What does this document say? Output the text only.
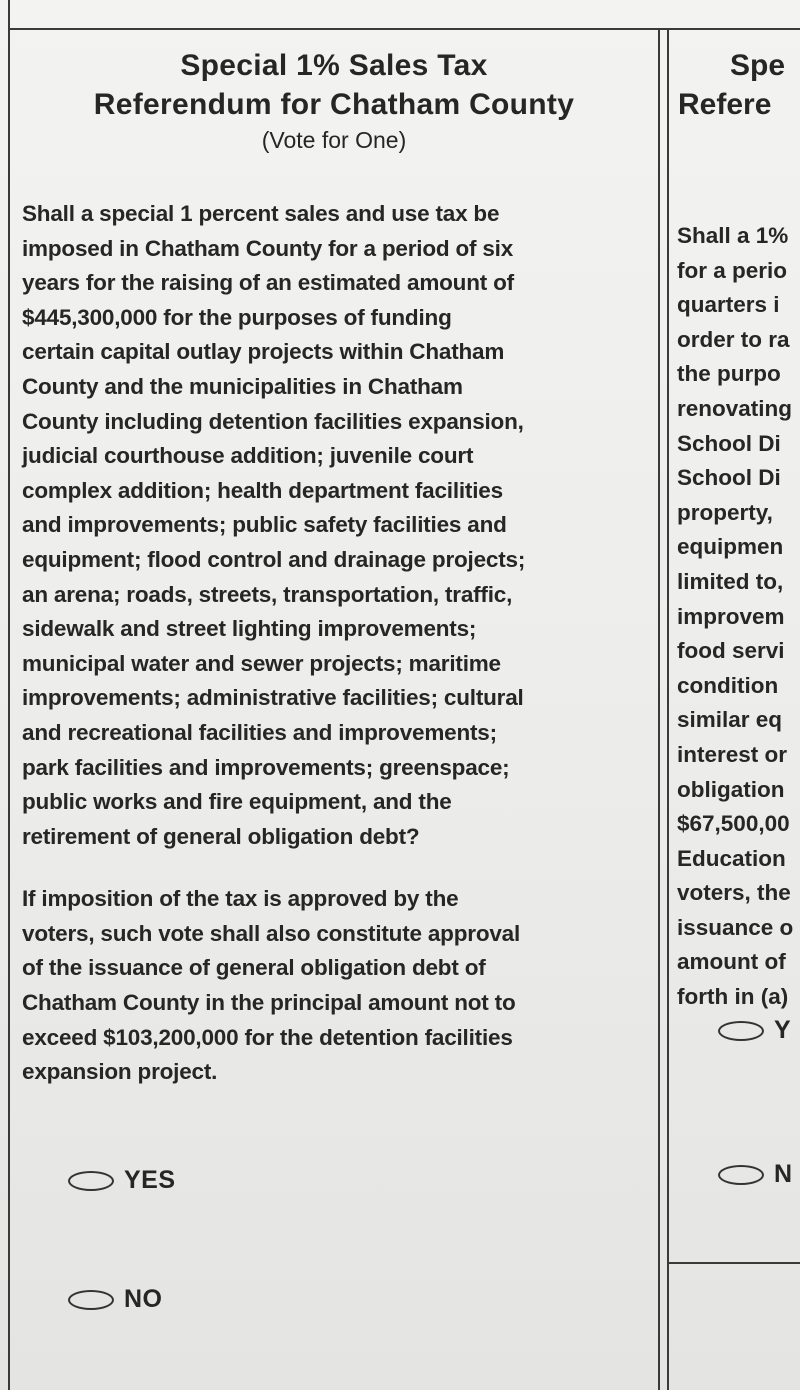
Special 1% Sales Tax
Referendum for Chatham County
(Vote for One)

Shall a special 1 percent sales and use tax be
imposed in Chatham County for a period of six
years for the raising of an estimated amount of
$445,300,000 for the purposes of funding
certain capital outlay projects within Chatham
County and the municipalities in Chatham
County including detention facilities expansion,
judicial courthouse addition; juvenile court
complex addition; health department facilities
and improvements; public safety facilities and
equipment; flood control and drainage projects;
an arena; roads, streets, transportation, traffic,
sidewalk and street lighting improvements;
municipal water and sewer projects; maritime
improvements; administrative facilities; cultural
and recreational facilities and improvements;
park facilities and improvements; greenspace;
public works and fire equipment, and the
retirement of general obligation debt?

If imposition of the tax is approved by the
voters, such vote shall also constitute approval
of the issuance of general obligation debt of
Chatham County in the principal amount not to
exceed $103,200,000 for the detention facilities
expansion project.

YES
NO
Spe
Refere
Shall a 1%
for a perio
quarters i
order to ra
the purpo
renovating
School Di
School Di
property,
equipmen
limited to,
improvem
food servi
condition
similar eq
interest or
obligation
$67,500,00
Education
voters, the
issuance o
amount of
forth in (a)
Y
N
